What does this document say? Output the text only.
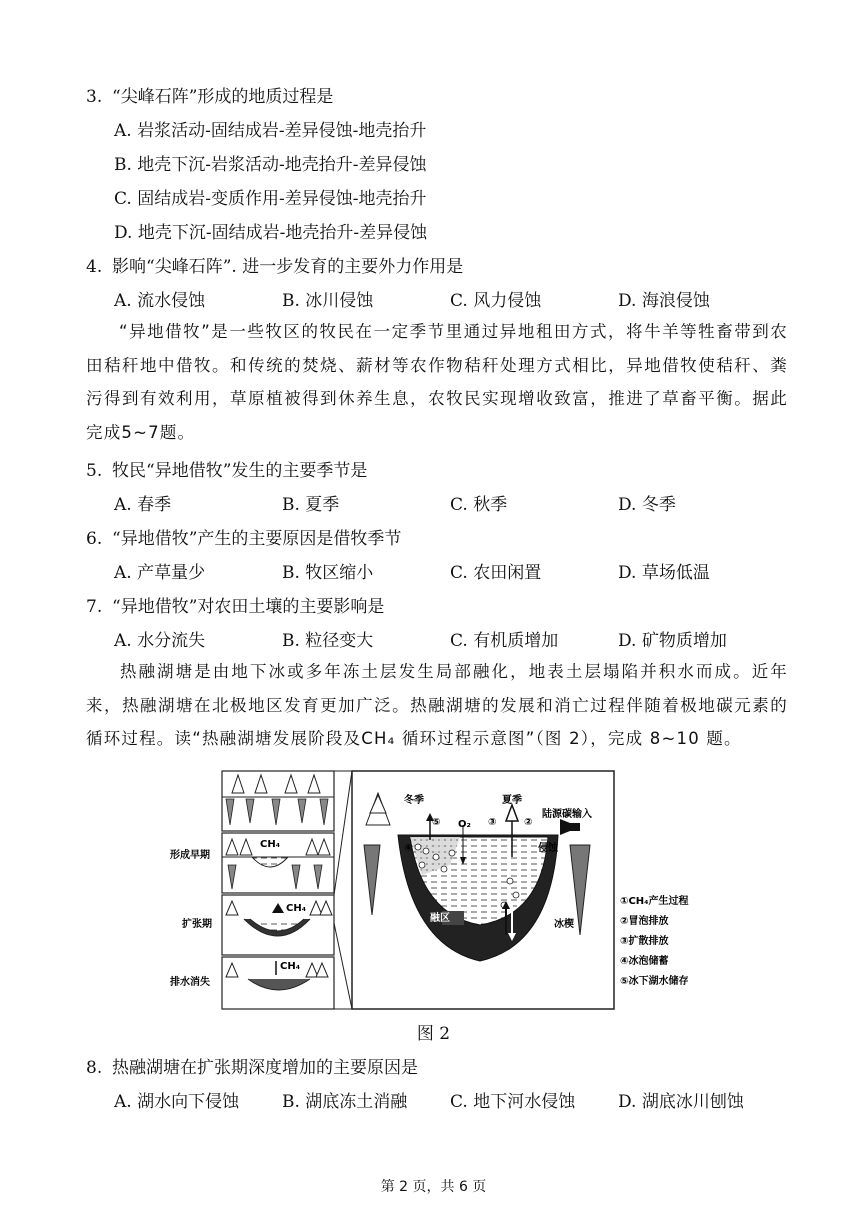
3. “尖峰石阵”形成的地质过程是
A. 岩浆活动-固结成岩-差异侵蚀-地壳抬升
B. 地壳下沉-岩浆活动-地壳抬升-差异侵蚀
C. 固结成岩-变质作用-差异侵蚀-地壳抬升
D. 地壳下沉-固结成岩-地壳抬升-差异侵蚀
4. 影响“尖峰石阵”. 进一步发育的主要外力作用是
A. 流水侵蚀	B. 冰川侵蚀	C. 风力侵蚀	D. 海浪侵蚀
“异地借牧”是一些牧区的牧民在一定季节里通过异地租田方式，将牛羊等牲畜带到农田秸秆地中借牧。和传统的焚烧、薪材等农作物秸秆处理方式相比，异地借牧使秸秆、粪污得到有效利用，草原植被得到休养生息，农牧民实现增收致富，推进了草畜平衡。据此完成5~7题。
5. 牧民“异地借牧”发生的主要季节是
A. 春季	B. 夏季	C. 秋季	D. 冬季
6. “异地借牧”产生的主要原因是借牧季节
A. 产草量少	B. 牧区缩小	C. 农田闲置	D. 草场低温
7. “异地借牧”对农田土壤的主要影响是
A. 水分流失	B. 粒径变大	C. 有机质增加	D. 矿物质增加
热融湖塘是由地下冰或多年冻土层发生局部融化，地表土层塌陷并积水而成。近年来，热融湖塘在北极地区发育更加广泛。热融湖塘的发展和消亡过程伴随着极地碳元素的循环过程。读“热融湖塘发展阶段及CH₄ 循环过程示意图”（图 2），完成 8~10 题。
形成早期
扩张期
排水消失
CH₄
CH₄
CH₄
冬季	夏季
陆源碳输入
侵蚀
融区
冰楔
O₂
⑤	③	②
④
①
①CH₄产生过程
②冒泡排放
③扩散排放
④冰泡储蓄
⑤冰下湖水储存
图 2
8. 热融湖塘在扩张期深度增加的主要原因是
A. 湖水向下侵蚀	B. 湖底冻土消融	C. 地下河水侵蚀	D. 湖底冰川刨蚀
第 2 页，共 6 页
